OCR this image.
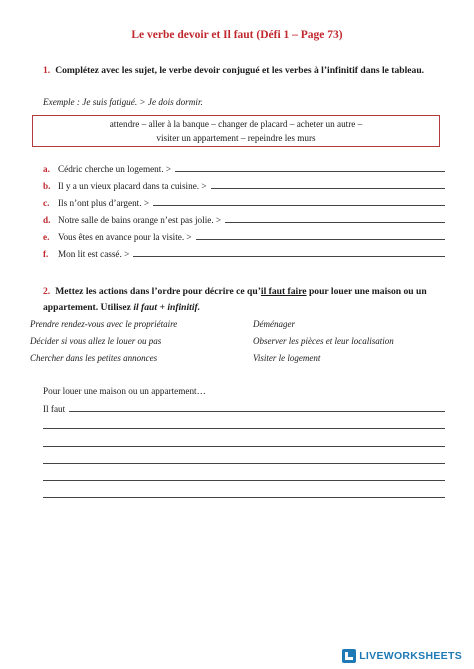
Le verbe devoir et Il faut (Défi 1 – Page 73)
1. Complétez avec les sujet, le verbe devoir conjugué et les verbes à l’infinitif dans le tableau.
Exemple : Je suis fatigué. > Je dois dormir.
attendre – aller à la banque – changer de placard – acheter un autre –
visiter un appartement – repeindre les murs
a. Cédric cherche un logement. >
b. Il y a un vieux placard dans ta cuisine. >
c. Ils n’ont plus d’argent. >
d. Notre salle de bains orange n’est pas jolie. >
e. Vous êtes en avance pour la visite. >
f.	Mon lit est cassé. >
2. Mettez les actions dans l’ordre pour décrire ce qu’il faut faire pour louer une maison ou un appartement. Utilisez il faut + infinitif.
Prendre rendez-vous avec le propriétaire	Déménager
Décider si vous allez le louer ou pas	Observer les pièces et leur localisation
Chercher dans les petites annonces	Visiter le logement
Pour louer une maison ou un appartement…
Il faut
LIVEWORKSHEETS
